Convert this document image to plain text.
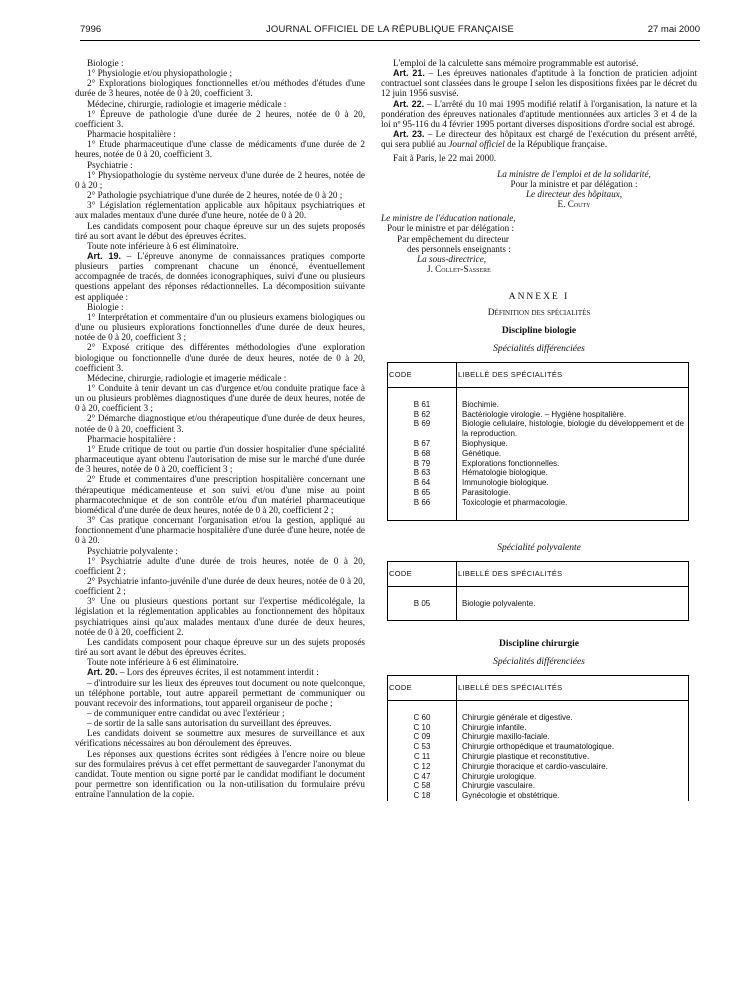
7996	JOURNAL OFFICIEL DE LA RÉPUBLIQUE FRANÇAISE	27 mai 2000

Biologie :

1° Physiologie et/ou physiopathologie ;

2° Explorations biologiques fonctionnelles et/ou méthodes d'études d'une durée de 3 heures, notée de 0 à 20, coefficient 3.

Médecine, chirurgie, radiologie et imagerie médicale :

1° Épreuve de pathologie d'une durée de 2 heures, notée de 0 à 20, coefficient 3.

Pharmacie hospitalière :

1° Etude pharmaceutique d'une classe de médicaments d'une durée de 2 heures, notée de 0 à 20, coefficient 3.

Psychiatrie :

1° Physiopathologie du système nerveux d'une durée de 2 heures, notée de 0 à 20 ;

2° Pathologie psychiatrique d'une durée de 2 heures, notée de 0 à 20 ;

3° Législation réglementation applicable aux hôpitaux psychiatriques et aux malades mentaux d'une durée d'une heure, notée de 0 à 20.

Les candidats composent pour chaque épreuve sur un des sujets proposés tiré au sort avant le début des épreuves écrites.

Toute note inférieure à 6 est éliminatoire.

Art. 19. – L'épreuve anonyme de connaissances pratiques comporte plusieurs parties comprenant chacune un énoncé, éventuellement accompagnée de tracés, de données iconographiques, suivi d'une ou plusieurs questions appelant des réponses rédactionnelles. La décomposition suivante est appliquée :

Biologie :

1° Interprétation et commentaire d'un ou plusieurs examens biologiques ou d'une ou plusieurs explorations fonctionnelles d'une durée de deux heures, notée de 0 à 20, coefficient 3 ;

2° Exposé critique des différentes méthodologies d'une exploration biologique ou fonctionnelle d'une durée de deux heures, notée de 0 à 20, coefficient 3.

Médecine, chirurgie, radiologie et imagerie médicale :

1° Conduite à tenir devant un cas d'urgence et/ou conduite pratique face à un ou plusieurs problèmes diagnostiques d'une durée de deux heures, notée de 0 à 20, coefficient 3 ;

2° Démarche diagnostique et/ou thérapeutique d'une durée de deux heures, notée de 0 à 20, coefficient 3.

Pharmacie hospitalière :

1° Etude critique de tout ou partie d'un dossier hospitalier d'une spécialité pharmaceutique ayant obtenu l'autorisation de mise sur le marché d'une durée de 3 heures, notée de 0 à 20, coefficient 3 ;

2° Etude et commentaires d'une prescription hospitalière concernant une thérapeutique médicamenteuse et son suivi et/ou d'une mise au point pharmacotechnique et de son contrôle et/ou d'un matériel pharmaceutique biomédical d'une durée de deux heures, notée de 0 à 20, coefficient 2 ;

3° Cas pratique concernant l'organisation et/ou la gestion, appliqué au fonctionnement d'une pharmacie hospitalière d'une durée d'une heure, notée de 0 à 20.

Psychiatrie polyvalente :

1° Psychiatrie adulte d'une durée de trois heures, notée de 0 à 20, coefficient 2 ;

2° Psychiatrie infanto-juvénile d'une durée de deux heures, notée de 0 à 20, coefficient 2 ;

3° Une ou plusieurs questions portant sur l'expertise médicolégale, la législation et la réglementation applicables au fonctionnement des hôpitaux psychiatriques ainsi qu'aux malades mentaux d'une durée de deux heures, notée de 0 à 20, coefficient 2.

Les candidats composent pour chaque épreuve sur un des sujets proposés tiré au sort avant le début des épreuves écrites.

Toute note inférieure à 6 est éliminatoire.

Art. 20. – Lors des épreuves écrites, il est notamment interdit :

– d'introduire sur les lieux des épreuves tout document ou note quelconque, un téléphone portable, tout autre appareil permettant de communiquer ou pouvant recevoir des informations, tout appareil organiseur de poche ;

– de communiquer entre candidat ou avec l'extérieur ;

– de sortir de la salle sans autorisation du surveillant des épreuves.

Les candidats doivent se soumettre aux mesures de surveillance et aux vérifications nécessaires au bon déroulement des épreuves.

Les réponses aux questions écrites sont rédigées à l'encre noire ou bleue sur des formulaires prévus à cet effet permettant de sauvegarder l'anonymat du candidat. Toute mention ou signe porté par le candidat modifiant le document pour permettre son identification ou la non-utilisation du formulaire prévu entraîne l'annulation de la copie.

L'emploi de la calculette sans mémoire programmable est autorisé.

Art. 21. – Les épreuves nationales d'aptitude à la fonction de praticien adjoint contractuel sont classées dans le groupe I selon les dispositions fixées par le décret du 12 juin 1956 susvisé.

Art. 22. – L'arrêté du 10 mai 1995 modifié relatif à l'organisation, la nature et la pondération des épreuves nationales d'aptitude mentionnées aux articles 3 et 4 de la loi nº 95-116 du 4 février 1995 portant diverses dispositions d'ordre social est abrogé.

Art. 23. – Le directeur des hôpitaux est chargé de l'exécution du présent arrêté, qui sera publié au Journal officiel de la République française.

Fait à Paris, le 22 mai 2000.

La ministre de l'emploi et de la solidarité,
Pour la ministre et par délégation :
Le directeur des hôpitaux,
E. Couty
Le ministre de l'éducation nationale,
Pour le ministre et par délégation :
Par empêchement du directeur
des personnels enseignants :
La sous-directrice,
J. Collet-Sassere
ANNEXE I
Définition des spécialités
Discipline biologie
Spécialités différenciées
CODE	LIBELLÉ DES SPÉCIALITÉS

B 61	Biochimie.
B 62	Bactériologie virologie. – Hygiène hospitalière.
B 69	Biologie cellulaire, histologie, biologie du développement et de la reproduction.
B 67	Biophysique.
B 68	Génétique.
B 79	Explorations fonctionnelles.
B 63	Hématologie biologique.
B 64	Immunologie biologique.
B 65	Parasitologie.
B 66	Toxicologie et pharmacologie.

Spécialité polyvalente
CODE	LIBELLÉ DES SPÉCIALITÉS

B 05	Biologie polyvalente.

Discipline chirurgie
Spécialités différenciées
CODE	LIBELLÉ DES SPÉCIALITÉS

C 60	Chirurgie générale et digestive.
C 10	Chirurgie infantile.
C 09	Chirurgie maxillo-faciale.
C 53	Chirurgie orthopédique et traumatologique.
C 11	Chirurgie plastique et reconstitutive.
C 12	Chirurgie thoracique et cardio-vasculaire.
C 47	Chirurgie urologique.
C 58	Chirurgie vasculaire.
C 18	Gynécologie et obstétrique.
